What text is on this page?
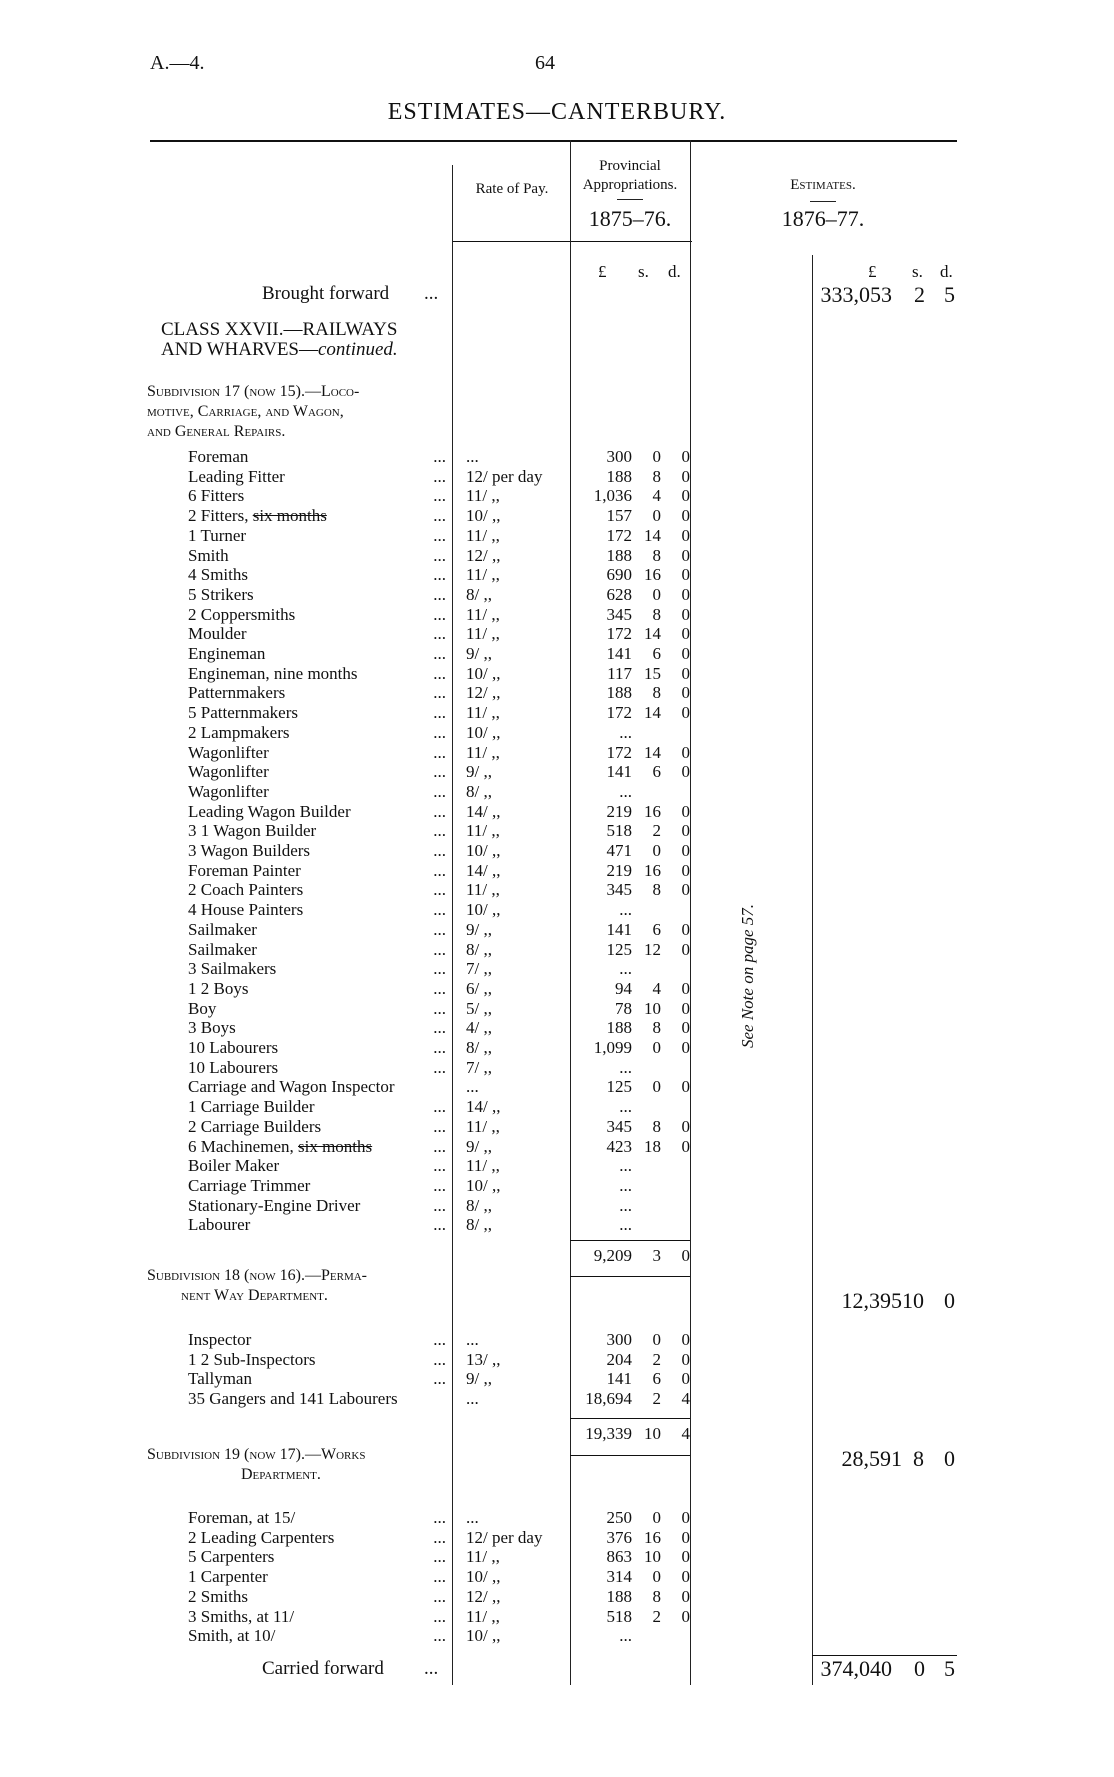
A.—4.	64
ESTIMATES—CANTERBURY.
Rate of Pay.
Provincial
Appropriations.
1875–76.
Estimates.
1876–77.
£ s. d.	£ s. d.
Brought forward ...	333,053	2 5
CLASS XXVII.—RAILWAYS
AND WHARVES—continued.
Subdivision 17 (now 15).—Loco-
motive, Carriage, and Wagon,
and General Repairs.
Foreman	... ...	300	0	0
Leading Fitter	... 12/ per day	188	8	0
6 Fitters	... 11/ ,,	1,036	4	0
2 Fitters, six months	... 10/ ,,	157	0	0
1 Turner	... 11/ ,,	172 14	0
Smith	... 12/ ,,	188	8	0
4 Smiths	... 11/ ,,	690 16	0
5 Strikers	... 8/ ,,	628	0	0
2 Coppersmiths	... 11/ ,,	345	8	0
Moulder	... 11/ ,,	172 14	0
Engineman	... 9/ ,,	141	6	0
Engineman, nine months	... 10/ ,,	117 15	0
Patternmakers	... 12/ ,,	188	8	0
5 Patternmakers	... 11/ ,,	172 14	0
2 Lampmakers	... 10/ ,,	...
Wagonlifter	... 11/ ,,	172 14	0
Wagonlifter	... 9/ ,,	141	6	0
Wagonlifter	... 8/ ,,	...
Leading Wagon Builder	... 14/ ,,	219 16	0
3 1 Wagon Builder	... 11/ ,,	518	2	0
3 Wagon Builders	... 10/ ,,	471	0	0
Foreman Painter	... 14/ ,,	219 16	0
2 Coach Painters	... 11/ ,,	345	8	0
4 House Painters	... 10/ ,,	...
Sailmaker	... 9/ ,,	141	6	0
Sailmaker	... 8/ ,,	125 12	0
3 Sailmakers	... 7/ ,,	...
1 2 Boys	... 6/ ,,	94	4	0
Boy	... 5/ ,,	78 10	0
3 Boys	... 4/ ,,	188	8	0
10 Labourers	... 8/ ,,	1,099	0	0
10 Labourers	... 7/ ,,	...
Carriage and Wagon Inspector	...	125	0	0
1 Carriage Builder	... 14/ ,,	...
2 Carriage Builders	... 11/ ,,	345	8	0
6 Machinemen, six months	... 9/ ,,	423 18	0
Boiler Maker	... 11/ ,,	...
Carriage Trimmer	... 10/ ,,	...
Stationary-Engine Driver	... 8/ ,,	...
Labourer	... 8/ ,,	...
9,209	3	0
Subdivision 18 (now 16).—Perma-
nent Way Department.	12,395 10 0
Inspector	... ...	300	0	0
1 2 Sub-Inspectors	... 13/ ,,	204	2	0
Tallyman	... 9/ ,,	141	6	0
35 Gangers and 141 Labourers	...	18,694	2	4
19,339 10	4
Subdivision 19 (now 17).—Works
Department.
28,591 8 0
Foreman, at 15/	... ...	250	0	0
2 Leading Carpenters	... 12/ per day	376 16	0
5 Carpenters	... 11/ ,,	863 10	0
1 Carpenter	... 10/ ,,	314	0	0
2 Smiths	... 12/ ,,	188	8	0
3 Smiths, at 11/	... 11/ ,,	518	2	0
Smith, at 10/	... 10/ ,,	...
Carried forward ...	374,040	0 5
See Note on page 57.
